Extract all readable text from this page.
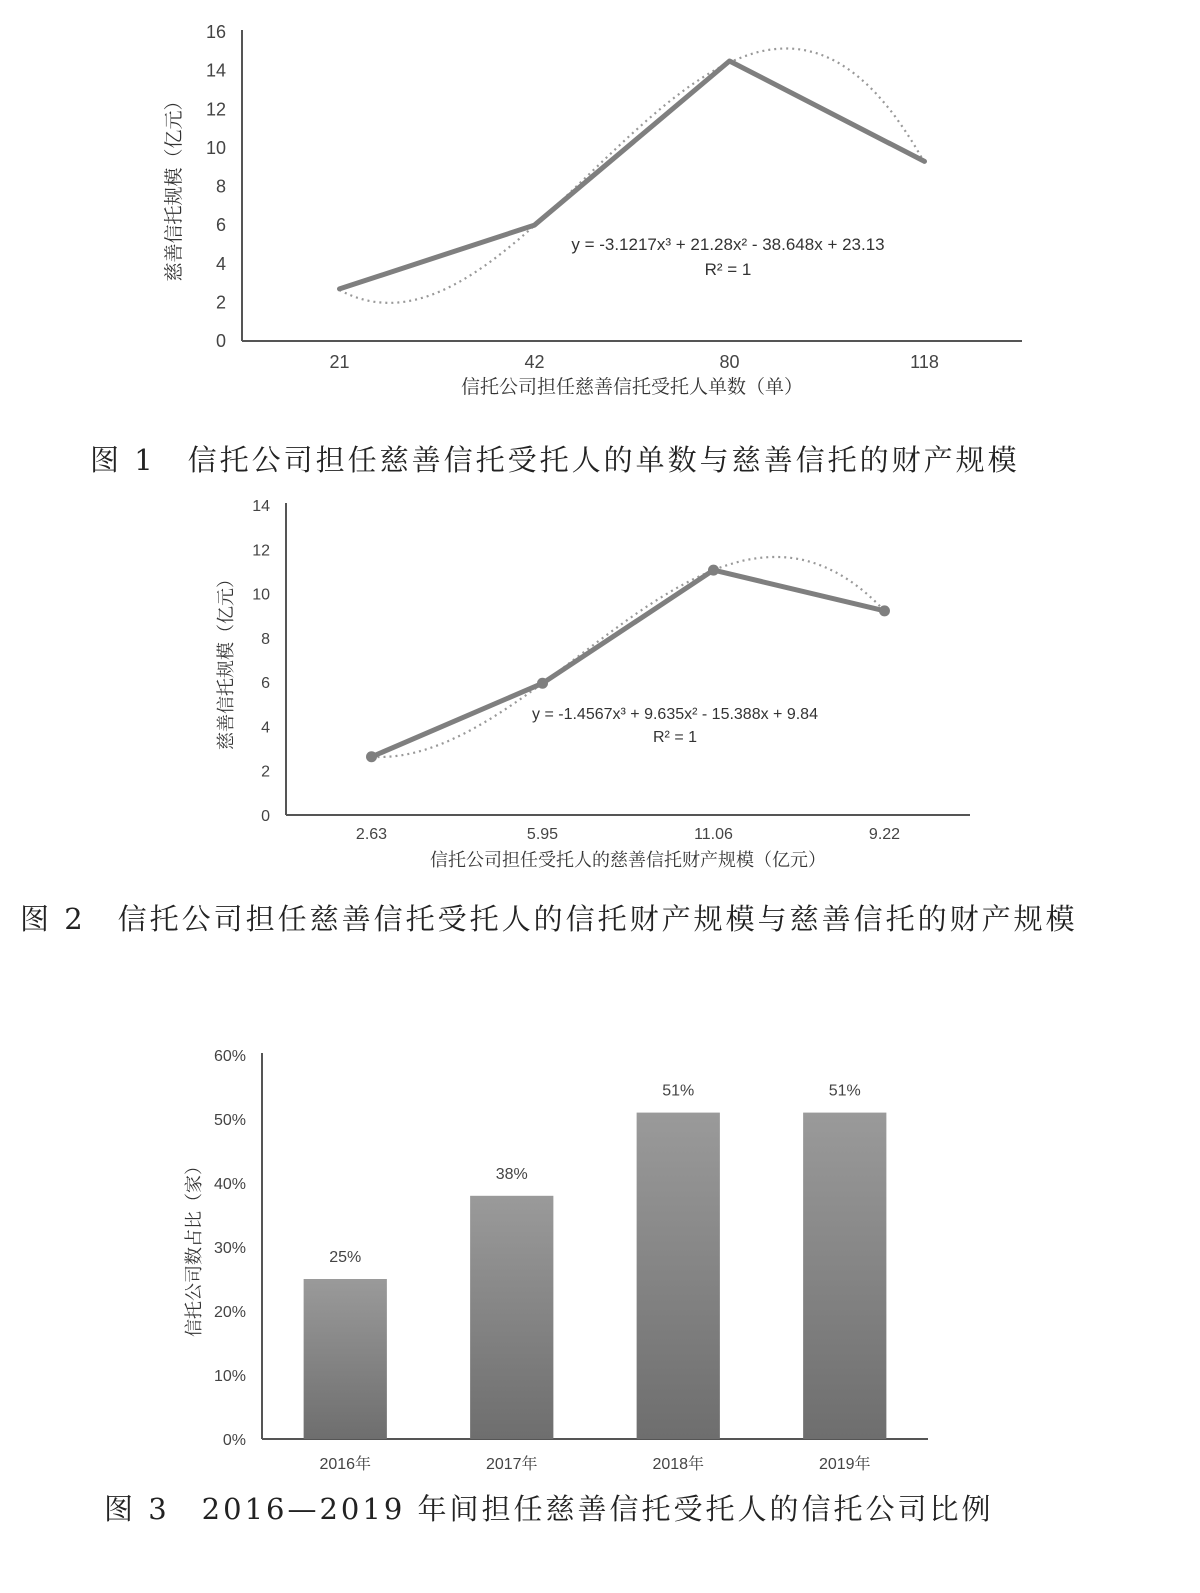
0
2
4
6
8
10
12
14
16
21	42	80	118
慈善信托规模（亿元）
信托公司担任慈善信托受托人单数（单）
y = -3.1217x³ + 21.28x² - 38.648x + 23.13
R² = 1
0
2
4
6
8
10
12
14
2.63	5.95	11.06	9.22
慈善信托规模（亿元）
信托公司担任受托人的慈善信托财产规模（亿元）
y = -1.4567x³ + 9.635x² - 15.388x + 9.84
R² = 1
0%
10%
20%
30%
40%
50%
60%
2016年	2017年	2018年	2019年
信托公司数占比（家）	25%
38%
51%	51%
图 1　信托公司担任慈善信托受托人的单数与慈善信托的财产规模
图 2　信托公司担任慈善信托受托人的信托财产规模与慈善信托的财产规模
图 3　2016—2019 年间担任慈善信托受托人的信托公司比例
